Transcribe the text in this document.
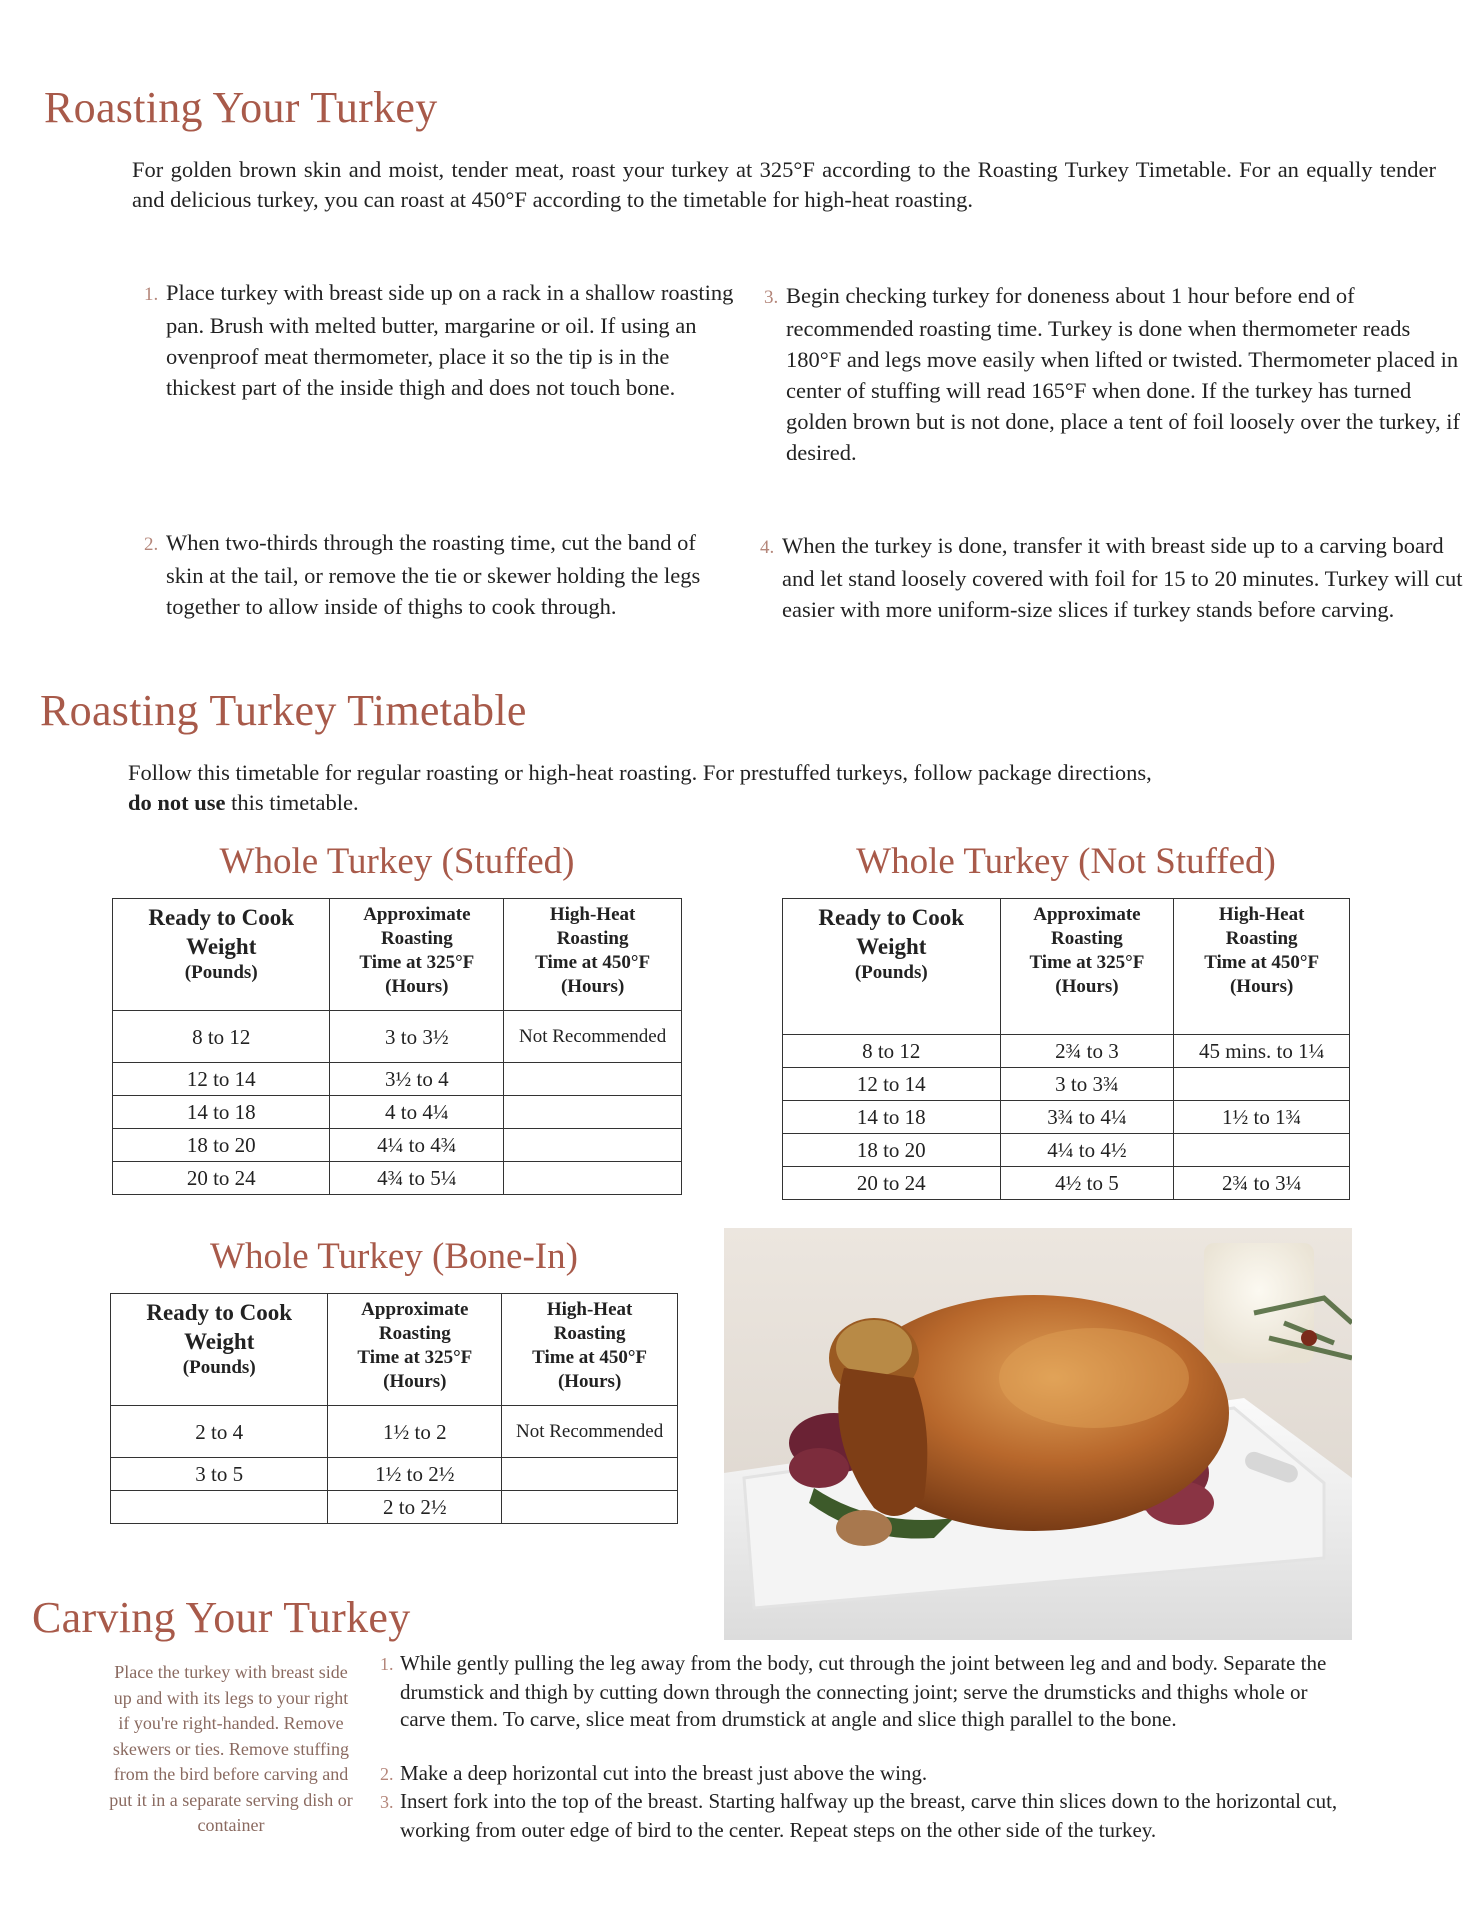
Roasting Your Turkey

For golden brown skin and moist, tender meat, roast your turkey at 325°F according to the Roasting Turkey Timetable. For an equally tender and delicious turkey, you can roast at 450°F according to the timetable for high-heat roasting.

1. Place turkey with breast side up on a rack in a shallow roasting pan. Brush with melted butter, margarine or oil. If using an ovenproof meat thermometer, place it so the tip is in the thickest part of the inside thigh and does not touch bone.

2. When two-thirds through the roasting time, cut the band of skin at the tail, or remove the tie or skewer holding the legs together to allow inside of thighs to cook through.

3. Begin checking turkey for doneness about 1 hour before end of recommended roasting time. Turkey is done when thermometer reads 180°F and legs move easily when lifted or twisted. Thermometer placed in center of stuffing will read 165°F when done. If the turkey has turned golden brown but is not done, place a tent of foil loosely over the turkey, if desired.

4. When the turkey is done, transfer it with breast side up to a carving board and let stand loosely covered with foil for 15 to 20 minutes. Turkey will cut easier with more uniform-size slices if turkey stands before carving.

Roasting Turkey Timetable

Follow this timetable for regular roasting or high-heat roasting. For prestuffed turkeys, follow package directions,
do not use this timetable.

Whole Turkey (Stuffed)
Ready to Cook
Weight
(Pounds)	Approximate
Roasting
Time at 325°F
(Hours)	High-Heat
Roasting
Time at 450°F
(Hours)

8 to 12	3 to 3½	Not Recommended
12 to 14	3½ to 4	
14 to 18	4 to 4¼	
18 to 20	4¼ to 4¾	
20 to 24	4¾ to 5¼	
Whole Turkey (Not Stuffed)
Ready to Cook
Weight
(Pounds)	Approximate
Roasting
Time at 325°F
(Hours)	High-Heat
Roasting
Time at 450°F
(Hours)

8 to 12	2¾ to 3	45 mins. to 1¼
12 to 14	3 to 3¾	
14 to 18	3¾ to 4¼	1½ to 1¾
18 to 20	4¼ to 4½	
20 to 24	4½ to 5	2¾ to 3¼
Whole Turkey (Bone-In)
Ready to Cook
Weight
(Pounds)	Approximate
Roasting
Time at 325°F
(Hours)	High-Heat
Roasting
Time at 450°F
(Hours)

2 to 4	1½ to 2	Not Recommended
3 to 5	1½ to 2½	
	2 to 2½	
Carving Your Turkey

Place the turkey with breast side up and with its legs to your right if you're right-handed. Remove skewers or ties. Remove stuffing from the bird before carving and put it in a separate serving dish or container

1. While gently pulling the leg away from the body, cut through the joint between leg and and body. Separate the drumstick and thigh by cutting down through the connecting joint; serve the drumsticks and thighs whole or carve them. To carve, slice meat from drumstick at angle and slice thigh parallel to the bone.

2. Make a deep horizontal cut into the breast just above the wing.

3. Insert fork into the top of the breast. Starting halfway up the breast, carve thin slices down to the horizontal cut, working from outer edge of bird to the center. Repeat steps on the other side of the turkey.
